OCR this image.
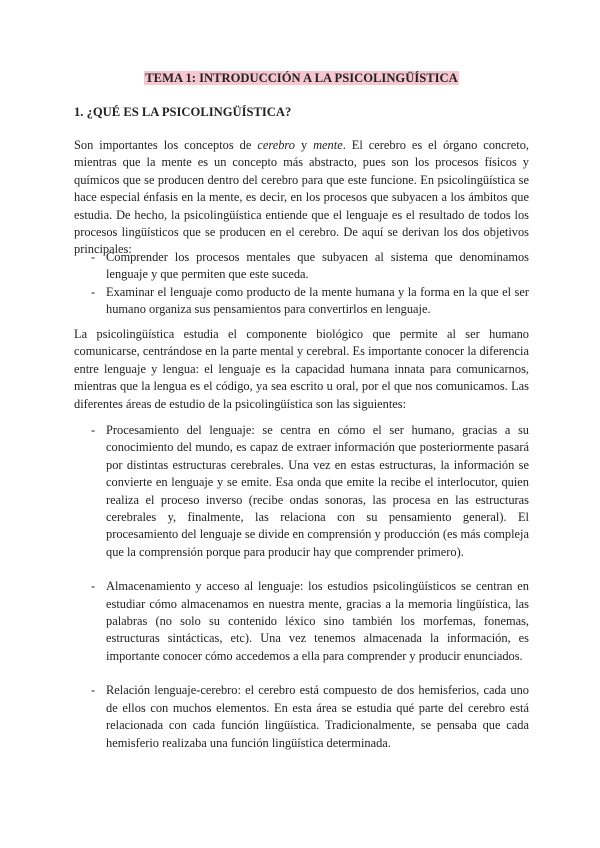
TEMA 1: INTRODUCCIÓN A LA PSICOLINGÜÍSTICA
1. ¿QUÉ ES LA PSICOLINGÜÍSTICA?
Son importantes los conceptos de cerebro y mente. El cerebro es el órgano concreto, mientras que la mente es un concepto más abstracto, pues son los procesos físicos y químicos que se producen dentro del cerebro para que este funcione. En psicolingüística se hace especial énfasis en la mente, es decir, en los procesos que subyacen a los ámbitos que estudia. De hecho, la psicolingüística entiende que el lenguaje es el resultado de todos los procesos lingüísticos que se producen en el cerebro. De aquí se derivan los dos objetivos principales:
- Comprender los procesos mentales que subyacen al sistema que denominamos lenguaje y que permiten que este suceda.
- Examinar el lenguaje como producto de la mente humana y la forma en la que el ser humano organiza sus pensamientos para convertirlos en lenguaje.
La psicolingüística estudia el componente biológico que permite al ser humano comunicarse, centrándose en la parte mental y cerebral. Es importante conocer la diferencia entre lenguaje y lengua: el lenguaje es la capacidad humana innata para comunicarnos, mientras que la lengua es el código, ya sea escrito u oral, por el que nos comunicamos. Las diferentes áreas de estudio de la psicolingüística son las siguientes:
- Procesamiento del lenguaje: se centra en cómo el ser humano, gracias a su conocimiento del mundo, es capaz de extraer información que posteriormente pasará por distintas estructuras cerebrales. Una vez en estas estructuras, la información se convierte en lenguaje y se emite. Esa onda que emite la recibe el interlocutor, quien realiza el proceso inverso (recibe ondas sonoras, las procesa en las estructuras cerebrales y, finalmente, las relaciona con su pensamiento general). El procesamiento del lenguaje se divide en comprensión y producción (es más compleja que la comprensión porque para producir hay que comprender primero).
- Almacenamiento y acceso al lenguaje: los estudios psicolingüísticos se centran en estudiar cómo almacenamos en nuestra mente, gracias a la memoria lingüística, las palabras (no solo su contenido léxico sino también los morfemas, fonemas, estructuras sintácticas, etc). Una vez tenemos almacenada la información, es importante conocer cómo accedemos a ella para comprender y producir enunciados.
- Relación lenguaje-cerebro: el cerebro está compuesto de dos hemisferios, cada uno de ellos con muchos elementos. En esta área se estudia qué parte del cerebro está relacionada con cada función lingüística. Tradicionalmente, se pensaba que cada hemisferio realizaba una función lingüística determinada.
